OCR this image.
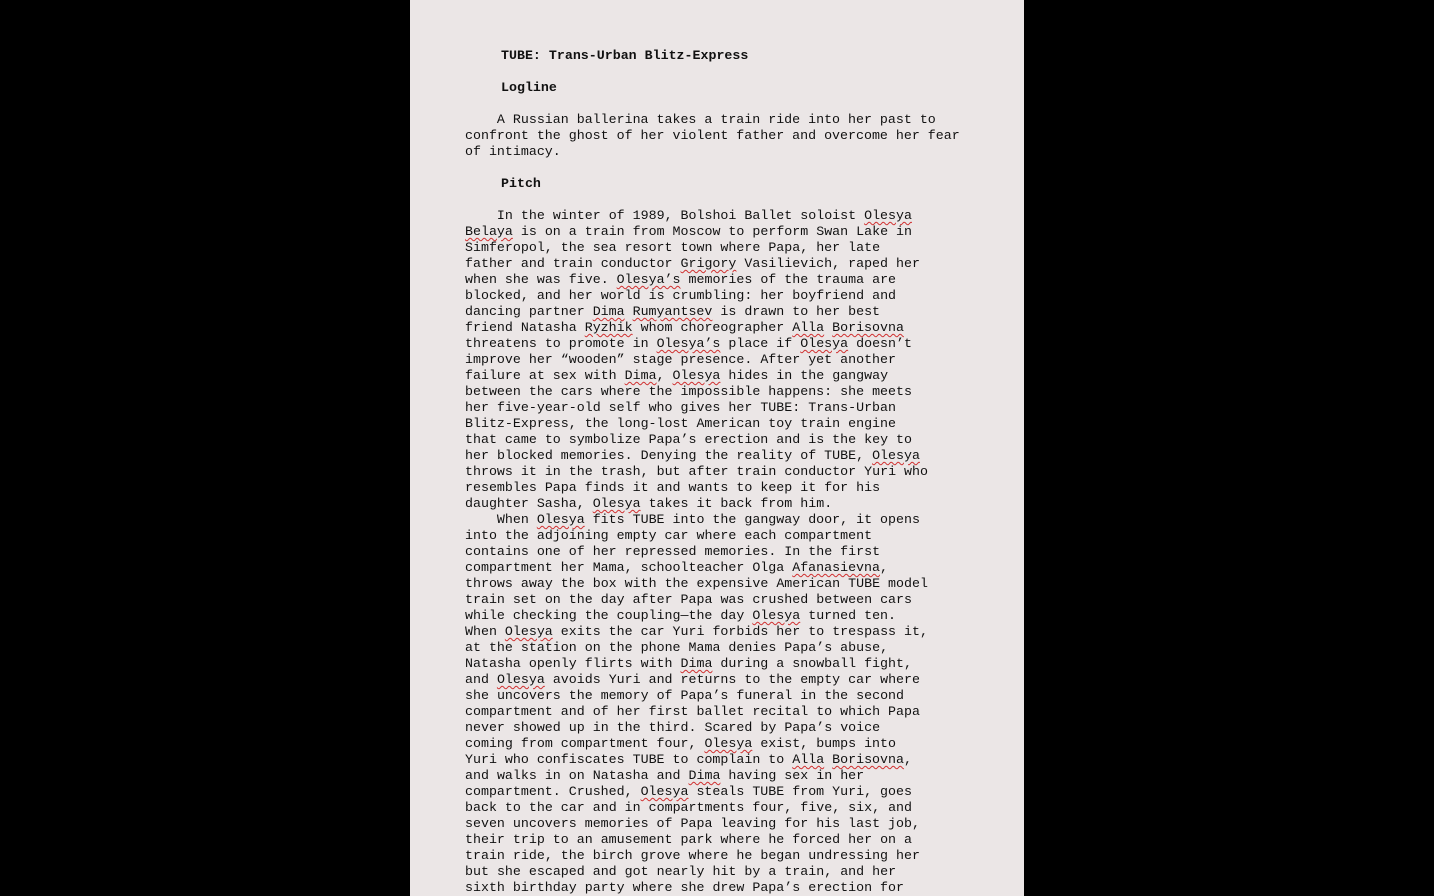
TUBE: Trans-Urban Blitz-Express

Logline

A Russian ballerina takes a train ride into her past to confront the ghost of her violent father and overcome her fear of intimacy.

Pitch

In the winter of 1989, Bolshoi Ballet soloist Olesya

Belaya is on a train from Moscow to perform Swan Lake in

Simferopol, the sea resort town where Papa, her late

father and train conductor Grigory Vasilievich, raped her

when she was five. Olesya’s memories of the trauma are

blocked, and her world is crumbling: her boyfriend and

dancing partner Dima Rumyantsev is drawn to her best

friend Natasha Ryzhik whom choreographer Alla Borisovna

threatens to promote in Olesya’s place if Olesya doesn’t

improve her “wooden” stage presence. After yet another

failure at sex with Dima, Olesya hides in the gangway

between the cars where the impossible happens: she meets

her five-year-old self who gives her TUBE: Trans-Urban

Blitz-Express, the long-lost American toy train engine

that came to symbolize Papa’s erection and is the key to

her blocked memories. Denying the reality of TUBE, Olesya

throws it in the trash, but after train conductor Yuri who

resembles Papa finds it and wants to keep it for his

daughter Sasha, Olesya takes it back from him.

When Olesya fits TUBE into the gangway door, it opens

into the adjoining empty car where each compartment

contains one of her repressed memories. In the first

compartment her Mama, schoolteacher Olga Afanasievna,

throws away the box with the expensive American TUBE model

train set on the day after Papa was crushed between cars

while checking the coupling—the day Olesya turned ten.

When Olesya exits the car Yuri forbids her to trespass it,

at the station on the phone Mama denies Papa’s abuse,

Natasha openly flirts with Dima during a snowball fight,

and Olesya avoids Yuri and returns to the empty car where

she uncovers the memory of Papa’s funeral in the second

compartment and of her first ballet recital to which Papa

never showed up in the third. Scared by Papa’s voice

coming from compartment four, Olesya exist, bumps into

Yuri who confiscates TUBE to complain to Alla Borisovna,

and walks in on Natasha and Dima having sex in her

compartment. Crushed, Olesya steals TUBE from Yuri, goes

back to the car and in compartments four, five, six, and

seven uncovers memories of Papa leaving for his last job,

their trip to an amusement park where he forced her on a

train ride, the birch grove where he began undressing her

but she escaped and got nearly hit by a train, and her

sixth birthday party where she drew Papa’s erection for
